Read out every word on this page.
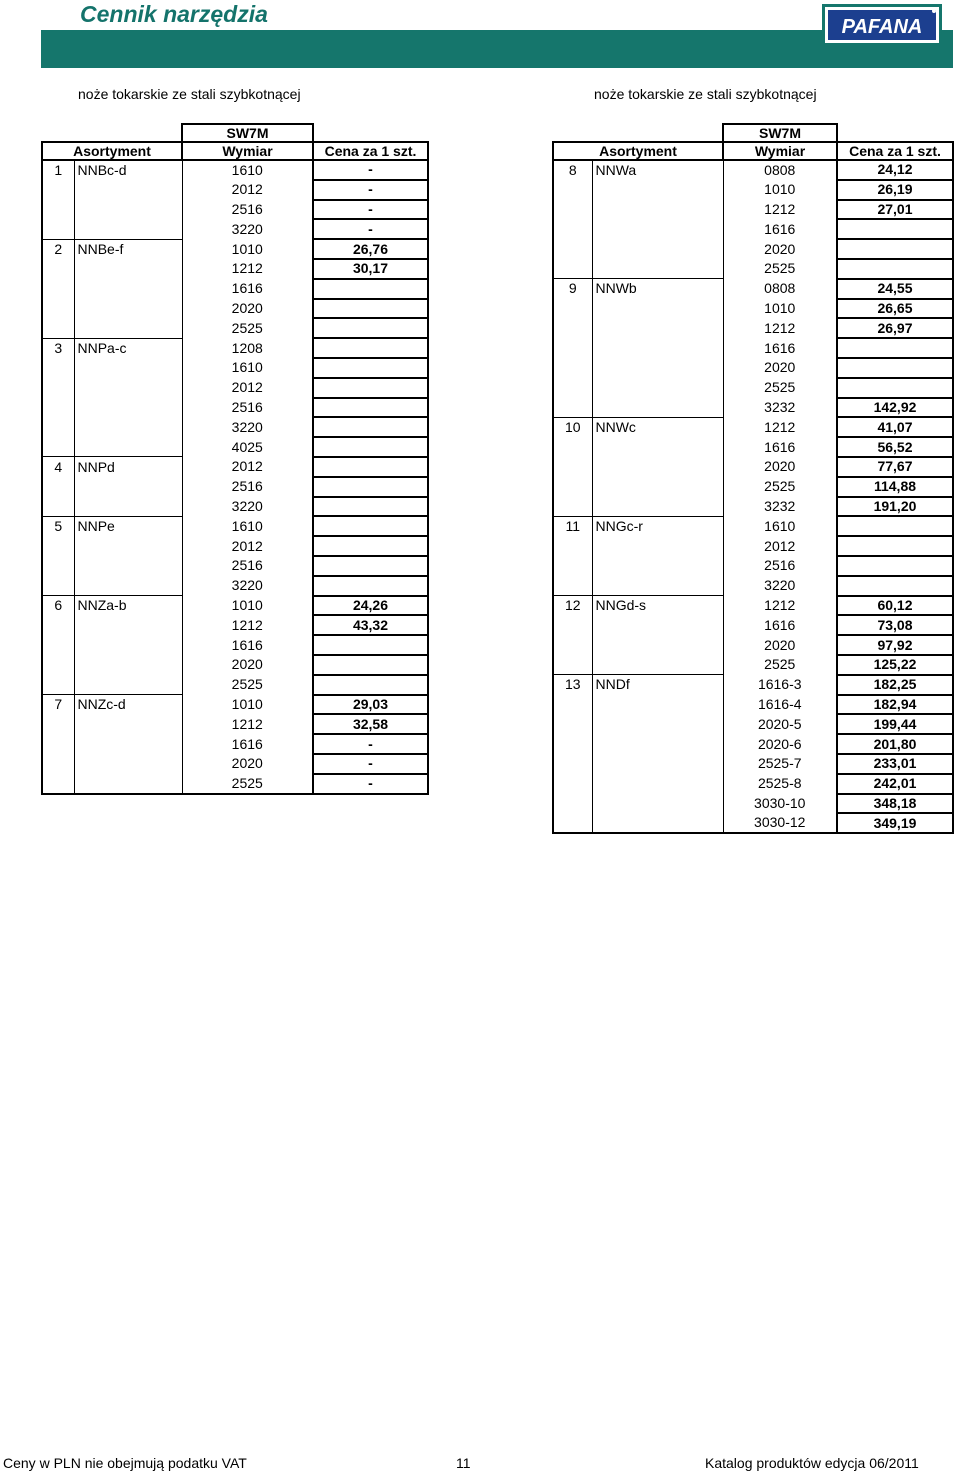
Cennik narzędzia	PAFANA
noże tokarskie ze stali szybkotnącej	noże tokarskie ze stali szybkotnącej
		SW7M	
Asortyment		Wymiar	Cena za 1 szt.
1	NNBc-d	1610	-
		2012	-
		2516	-
		3220	-
2	NNBe-f	1010	26,76
		1212	30,17
		1616	
		2020	
		2525	
3	NNPa-c	1208	
		1610	
		2012	
		2516	
		3220	
		4025	
4	NNPd	2012	
		2516	
		3220	
5	NNPe	1610	
		2012	
		2516	
		3220	
6	NNZa-b	1010	24,26
		1212	43,32
		1616	
		2020	
		2525	
7	NNZc-d	1010	29,03
		1212	32,58
		1616	-
		2020	-
		2525	-
		SW7M	
Asortyment		Wymiar	Cena za 1 szt.
8	NNWa	0808	24,12
		1010	26,19
		1212	27,01
		1616	
		2020	
		2525	
9	NNWb	0808	24,55
		1010	26,65
		1212	26,97
		1616	
		2020	
		2525	
		3232	142,92
10	NNWc	1212	41,07
		1616	56,52
		2020	77,67
		2525	114,88
		3232	191,20
11	NNGc-r	1610	
		2012	
		2516	
		3220	
12	NNGd-s	1212	60,12
		1616	73,08
		2020	97,92
		2525	125,22
13	NNDf	1616-3	182,25
		1616-4	182,94
		2020-5	199,44
		2020-6	201,80
		2525-7	233,01
		2525-8	242,01
		3030-10	348,18
		3030-12	349,19
Ceny w PLN nie obejmują podatku VAT	11	Katalog produktów edycja 06/2011
